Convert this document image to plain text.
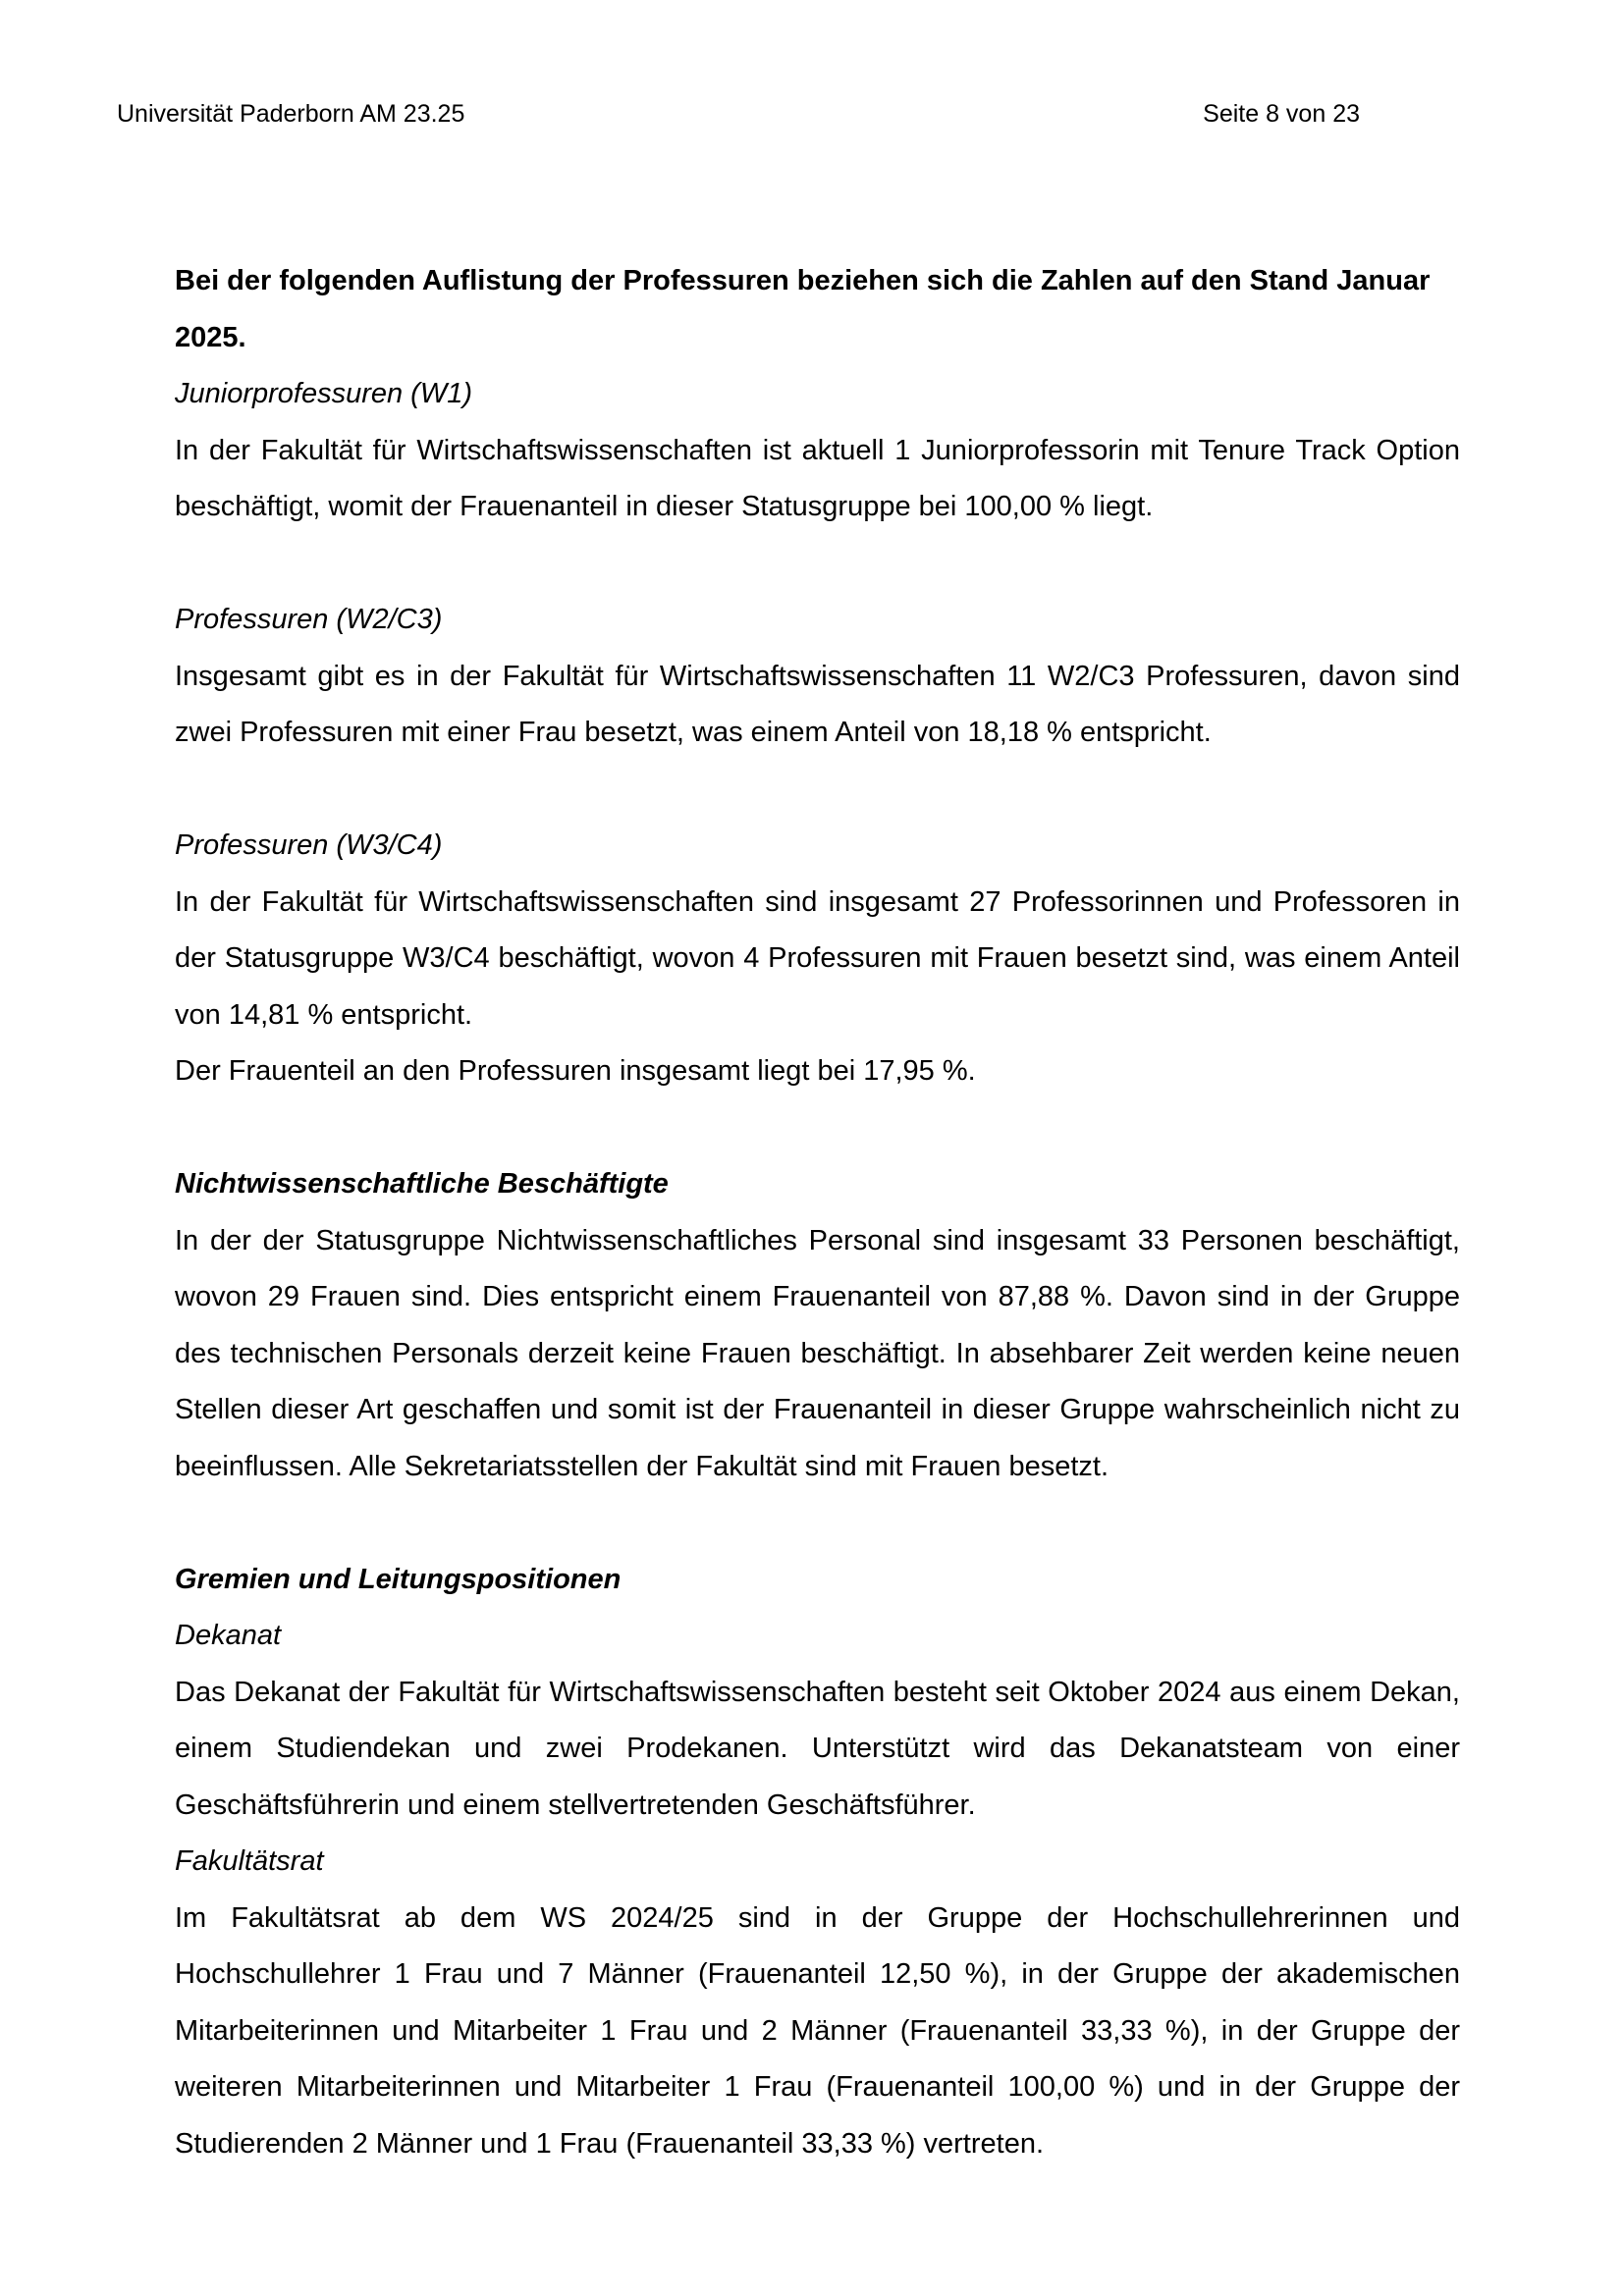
Universität Paderborn AM 23.25	Seite 8 von 23

Bei der folgenden Auflistung der Professuren beziehen sich die Zahlen auf den Stand Januar 2025.

Juniorprofessuren (W1)

In der Fakultät für Wirtschaftswissenschaften ist aktuell 1 Juniorprofessorin mit Tenure Track Option beschäftigt, womit der Frauenanteil in dieser Statusgruppe bei 100,00 % liegt.

Professuren (W2/C3)

Insgesamt gibt es in der Fakultät für Wirtschaftswissenschaften 11 W2/C3 Professuren, davon sind zwei Professuren mit einer Frau besetzt, was einem Anteil von 18,18 % entspricht.

Professuren (W3/C4)

In der Fakultät für Wirtschaftswissenschaften sind insgesamt 27 Professorinnen und Professoren in der Statusgruppe W3/C4 beschäftigt, wovon 4 Professuren mit Frauen besetzt sind, was einem Anteil von 14,81 % entspricht.

Der Frauenteil an den Professuren insgesamt liegt bei 17,95 %.

Nichtwissenschaftliche Beschäftigte

In der der Statusgruppe Nichtwissenschaftliches Personal sind insgesamt 33 Personen beschäftigt, wovon 29 Frauen sind. Dies entspricht einem Frauenanteil von 87,88 %. Davon sind in der Gruppe des technischen Personals derzeit keine Frauen beschäftigt. In absehbarer Zeit werden keine neuen Stellen dieser Art geschaffen und somit ist der Frauenanteil in dieser Gruppe wahrscheinlich nicht zu beeinflussen. Alle Sekretariatsstellen der Fakultät sind mit Frauen besetzt.

Gremien und Leitungspositionen

Dekanat

Das Dekanat der Fakultät für Wirtschaftswissenschaften besteht seit Oktober 2024 aus einem Dekan, einem Studiendekan und zwei Prodekanen. Unterstützt wird das Dekanatsteam von einer Geschäftsführerin und einem stellvertretenden Geschäftsführer.

Fakultätsrat

Im Fakultätsrat ab dem WS 2024/25 sind in der Gruppe der Hochschullehrerinnen und Hochschullehrer 1 Frau und 7 Männer (Frauenanteil 12,50 %), in der Gruppe der akademischen Mitarbeiterinnen und Mitarbeiter 1 Frau und 2 Männer (Frauenanteil 33,33 %), in der Gruppe der weiteren Mitarbeiterinnen und Mitarbeiter 1 Frau (Frauenanteil 100,00 %) und in der Gruppe der Studierenden 2 Männer und 1 Frau (Frauenanteil 33,33 %) vertreten.
